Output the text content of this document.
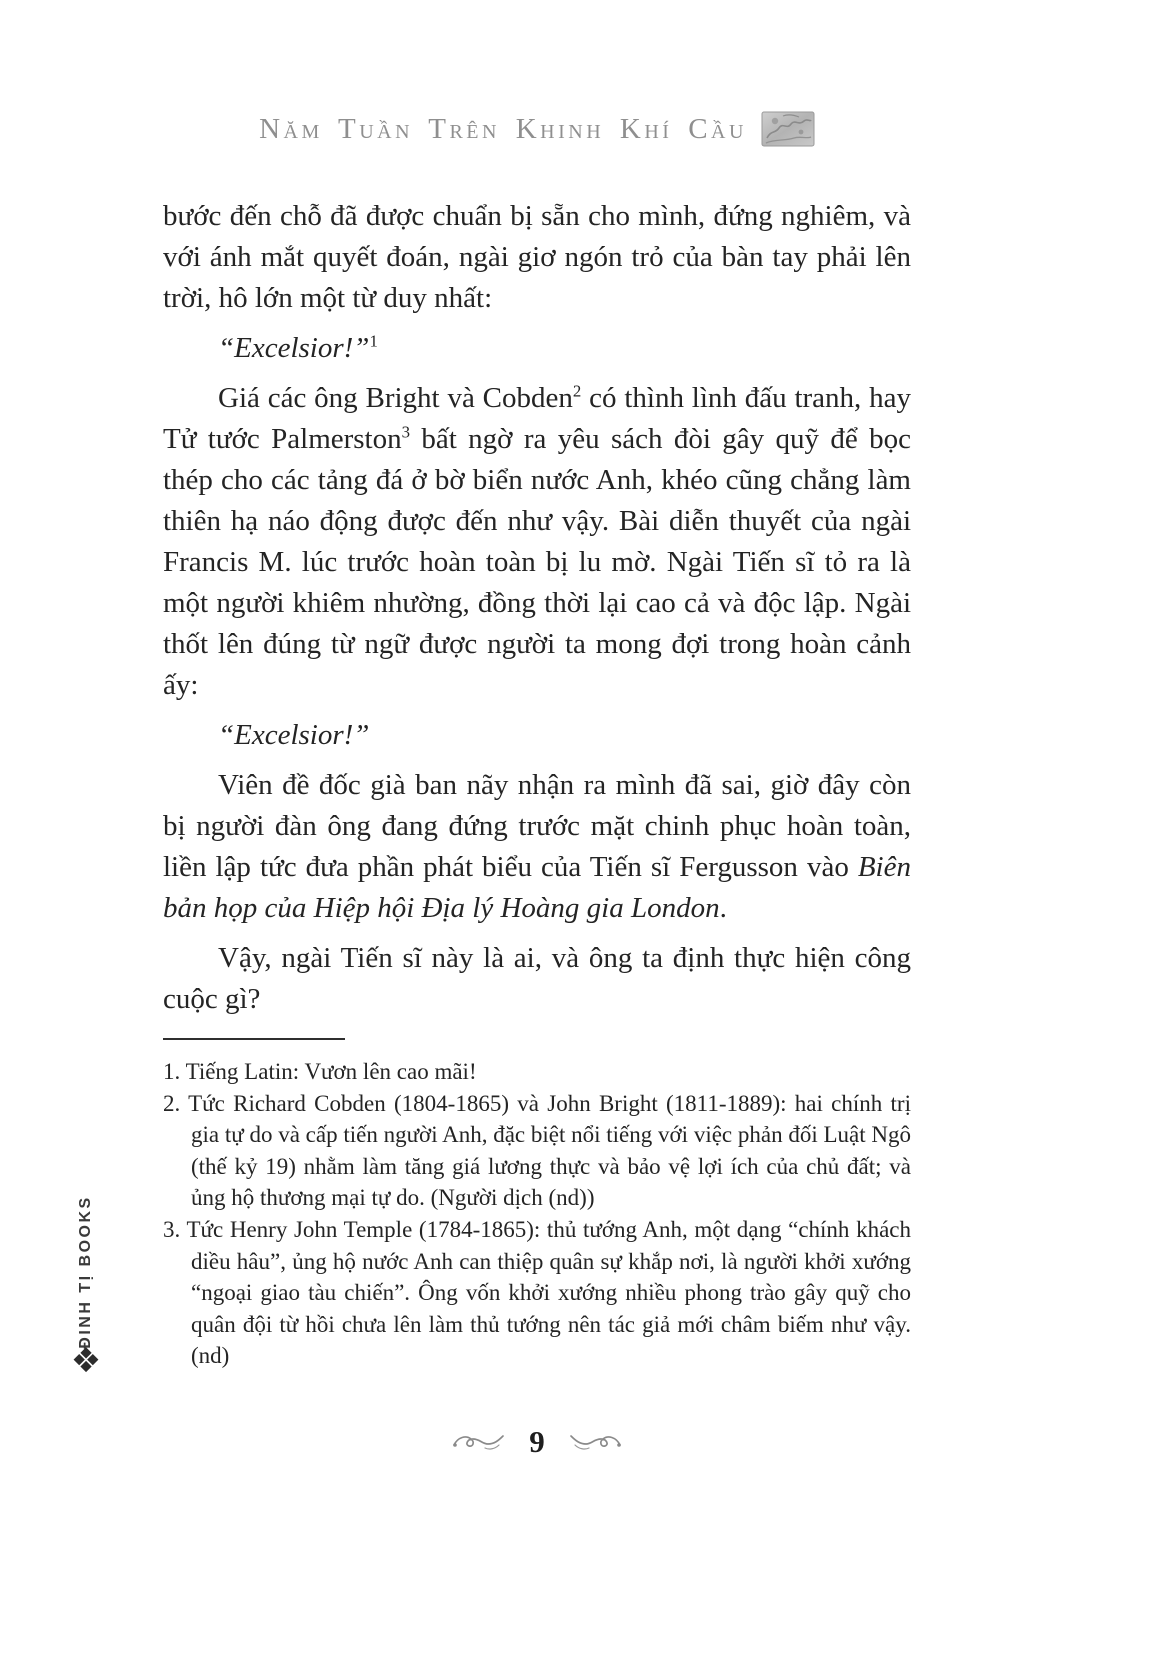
Năm Tuần Trên Khinh Khí Cầu

bước đến chỗ đã được chuẩn bị sẵn cho mình, đứng nghiêm, và với ánh mắt quyết đoán, ngài giơ ngón trỏ của bàn tay phải lên trời, hô lớn một từ duy nhất:

“Excelsior!”$^1$

Giá các ông Bright và Cobden$^2$ có thình lình đấu tranh, hay Tử tước Palmerston$^3$ bất ngờ ra yêu sách đòi gây quỹ để bọc thép cho các tảng đá ở bờ biển nước Anh, khéo cũng chẳng làm thiên hạ náo động được đến như vậy. Bài diễn thuyết của ngài Francis M. lúc trước hoàn toàn bị lu mờ. Ngài Tiến sĩ tỏ ra là một người khiêm nhường, đồng thời lại cao cả và độc lập. Ngài thốt lên đúng từ ngữ được người ta mong đợi trong hoàn cảnh ấy:

“Excelsior!”

Viên đề đốc già ban nãy nhận ra mình đã sai, giờ đây còn bị người đàn ông đang đứng trước mặt chinh phục hoàn toàn, liền lập tức đưa phần phát biểu của Tiến sĩ Fergusson vào Biên bản họp của Hiệp hội Địa lý Hoàng gia London.

Vậy, ngài Tiến sĩ này là ai, và ông ta định thực hiện công cuộc gì?

1. Tiếng Latin: Vươn lên cao mãi!

2. Tức Richard Cobden (1804-1865) và John Bright (1811-1889): hai chính trị gia tự do và cấp tiến người Anh, đặc biệt nổi tiếng với việc phản đối Luật Ngô (thế kỷ 19) nhằm làm tăng giá lương thực và bảo vệ lợi ích của chủ đất; và ủng hộ thương mại tự do. (Người dịch (nd))

3. Tức Henry John Temple (1784-1865): thủ tướng Anh, một dạng “chính khách diều hâu”, ủng hộ nước Anh can thiệp quân sự khắp nơi, là người khởi xướng “ngoại giao tàu chiến”. Ông vốn khởi xướng nhiều phong trào gây quỹ cho quân đội từ hồi chưa lên làm thủ tướng nên tác giả mới châm biếm như vậy. (nd)

ĐINH TỊ BOOKS
❖
9
